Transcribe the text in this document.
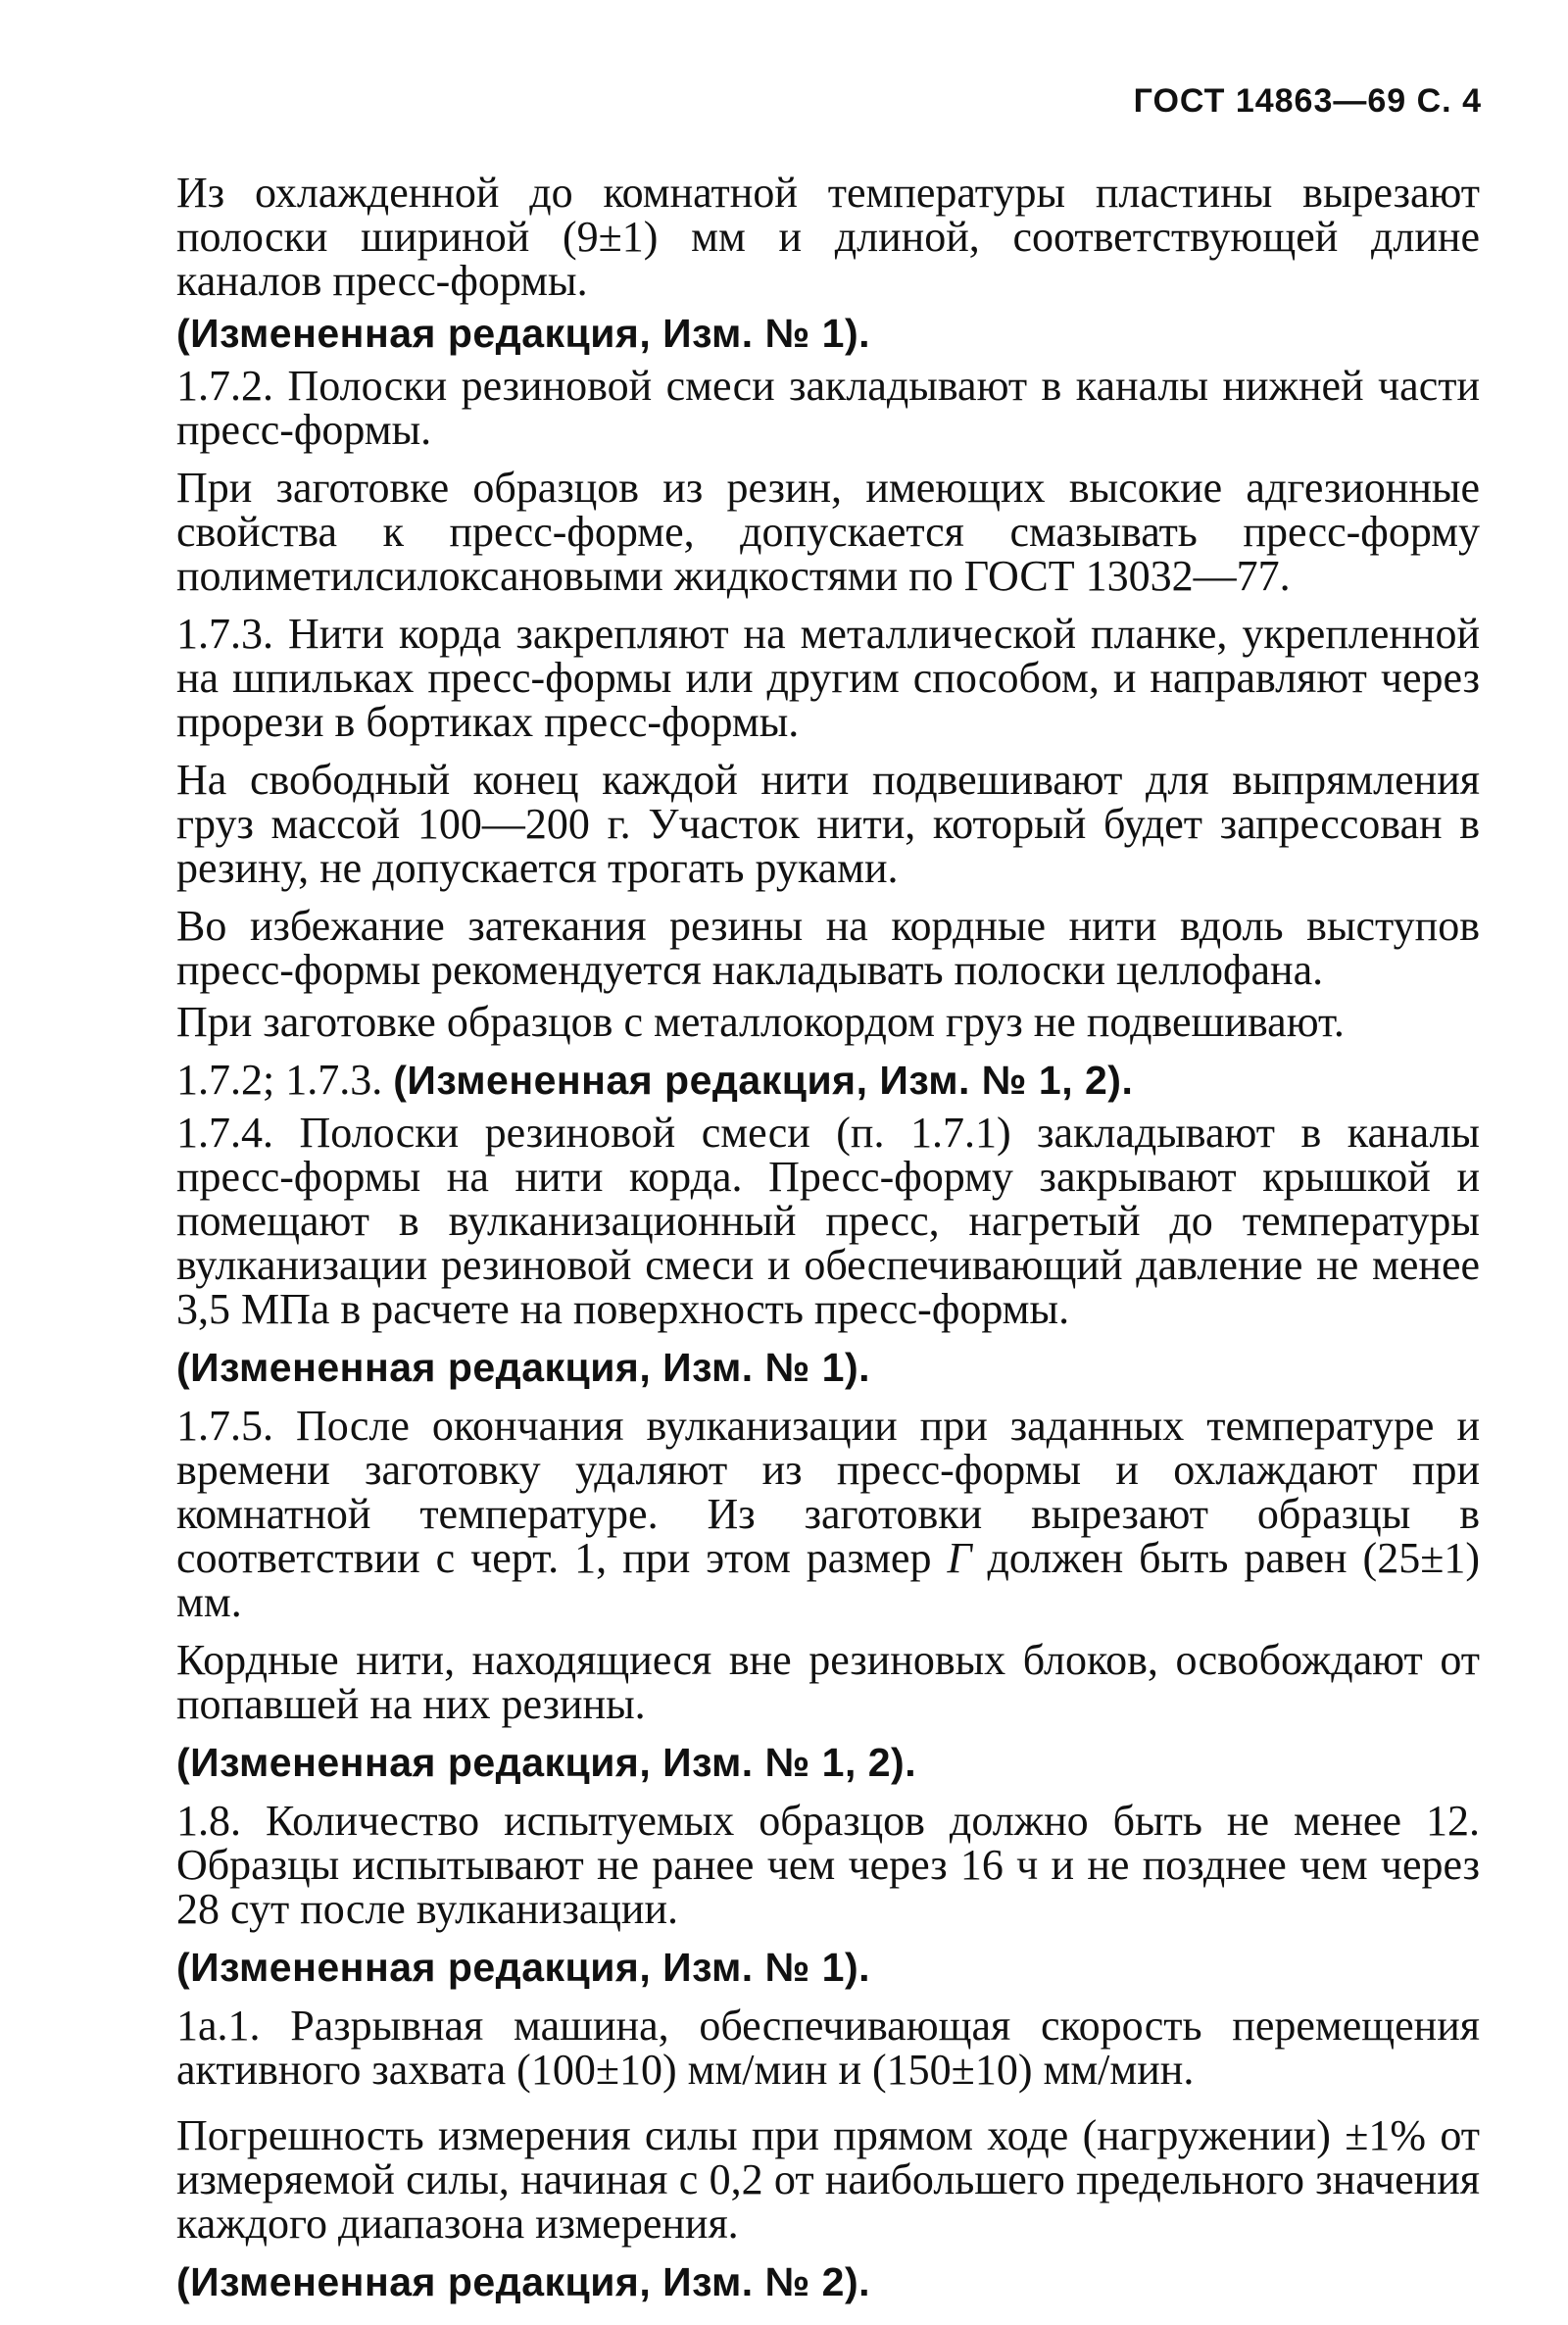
ГОСТ 14863—69 С. 4

Из охлажденной до комнатной температуры пластины вырезают полоски шириной (9±1) мм и длиной, соответствующей длине каналов пресс-формы.

(Измененная редакция, Изм. № 1).

1.7.2. Полоски резиновой смеси закладывают в каналы нижней части пресс-формы.

При заготовке образцов из резин, имеющих высокие адгезионные свойства к пресс-форме, допускается смазывать пресс-форму полиметилсилоксановыми жидкостями по ГОСТ 13032—77.

1.7.3. Нити корда закрепляют на металлической планке, укрепленной на шпильках пресс-формы или другим способом, и направляют через прорези в бортиках пресс-формы.

На свободный конец каждой нити подвешивают для выпрямления груз массой 100—200 г. Участок нити, который будет запрессован в резину, не допускается трогать руками.

Во избежание затекания резины на кордные нити вдоль выступов пресс-формы рекомендуется накладывать полоски целлофана.

При заготовке образцов с металлокордом груз не подвешивают.

1.7.2; 1.7.3. (Измененная редакция, Изм. № 1, 2).

1.7.4. Полоски резиновой смеси (п. 1.7.1) закладывают в каналы пресс-формы на нити корда. Пресс-форму закрывают крышкой и помещают в вулканизационный пресс, нагретый до температуры вулканизации резиновой смеси и обеспечивающий давление не менее 3,5 МПа в расчете на поверхность пресс-формы.

(Измененная редакция, Изм. № 1).

1.7.5. После окончания вулканизации при заданных температуре и времени заготовку удаляют из пресс-формы и охлаждают при комнатной температуре. Из заготовки вырезают образцы в соответствии с черт. 1, при этом размер Г должен быть равен (25±1) мм.

Кордные нити, находящиеся вне резиновых блоков, освобождают от попавшей на них резины.

(Измененная редакция, Изм. № 1, 2).

1.8. Количество испытуемых образцов должно быть не менее 12. Образцы испытывают не ранее чем через 16 ч и не позднее чем через 28 сут после вулканизации.

(Измененная редакция, Изм. № 1).

1а.1. Разрывная машина, обеспечивающая скорость перемещения активного захвата (100±10) мм/мин и (150±10) мм/мин.

Погрешность измерения силы при прямом ходе (нагружении) ±1% от измеряемой силы, начиная с 0,2 от наибольшего предельного значения каждого диапазона измерения.

(Измененная редакция, Изм. № 2).
